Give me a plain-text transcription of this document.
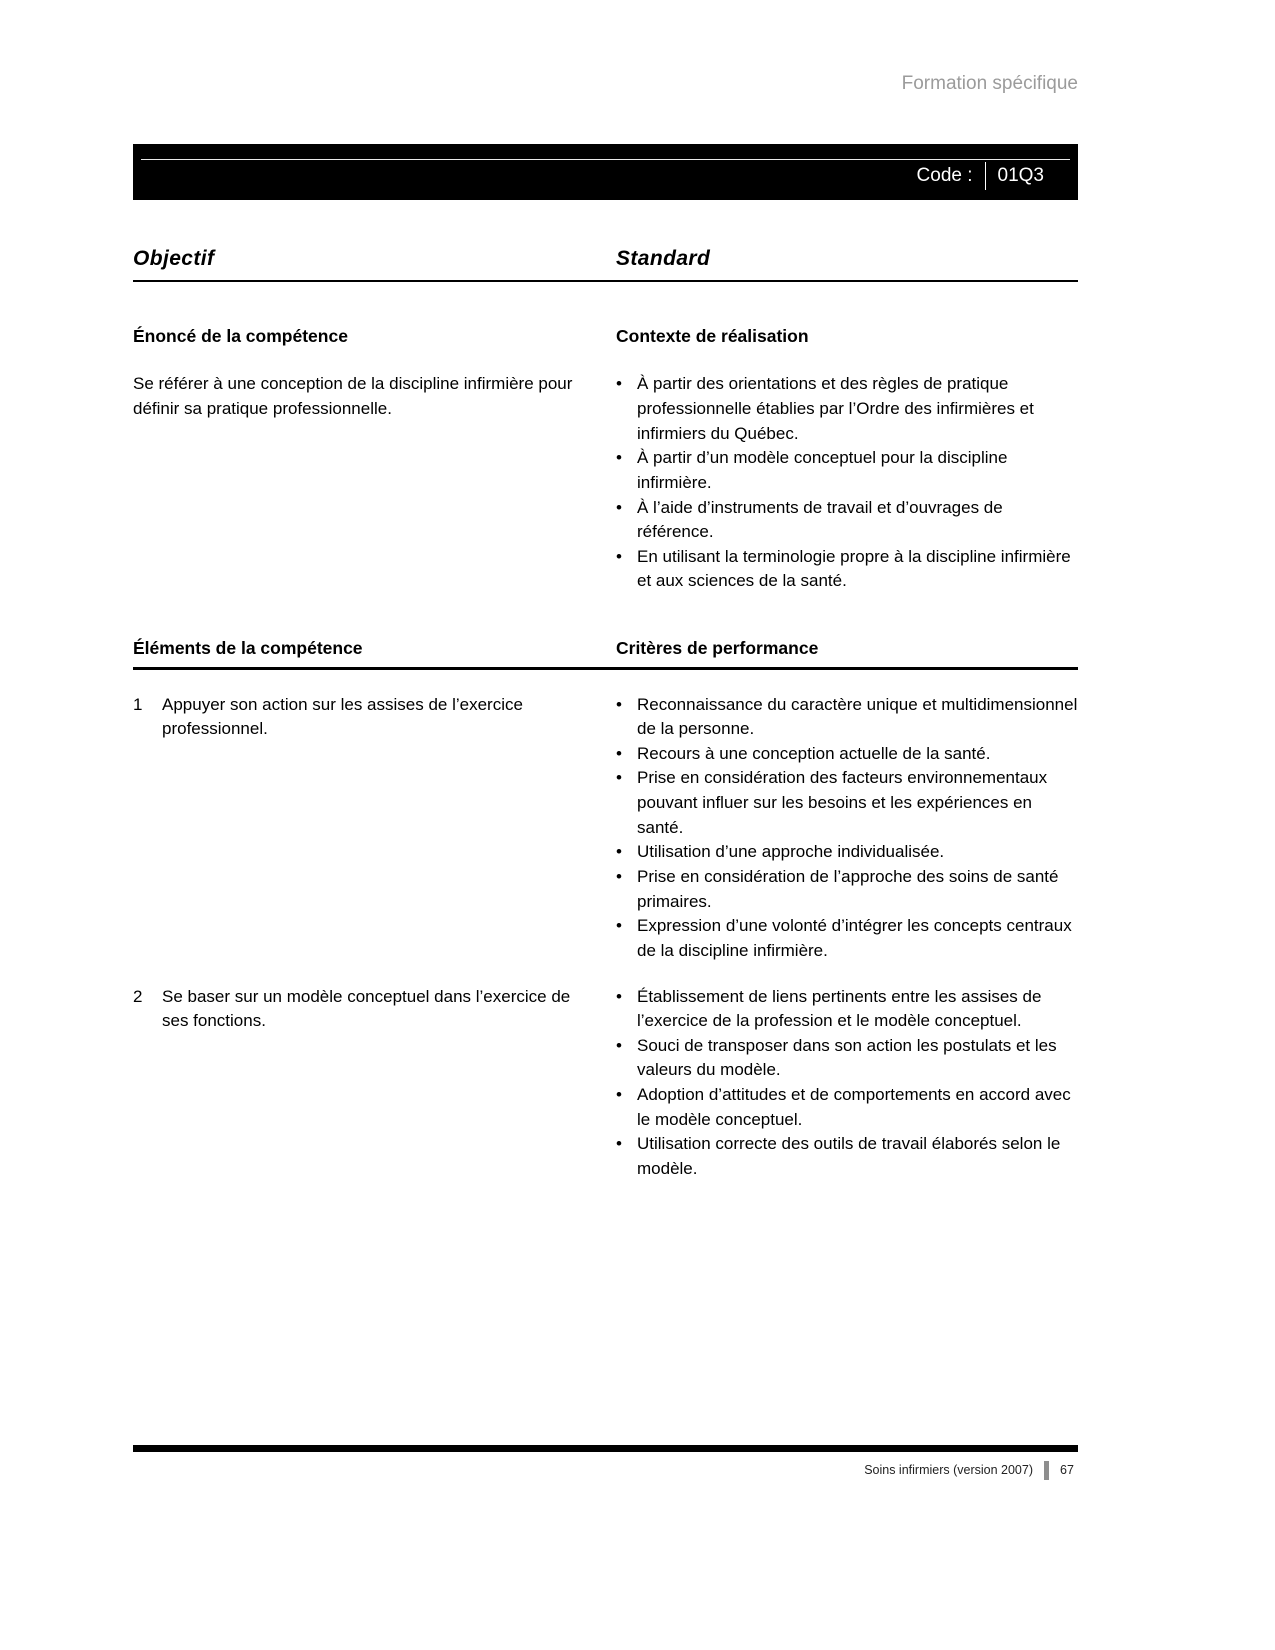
Formation spécifique
Code : 01Q3
Objectif	Standard
Énoncé de la compétence	Contexte de réalisation
Se référer à une conception de la discipline infirmière pour définir sa pratique professionnelle.
• À partir des orientations et des règles de pratique professionnelle établies par l’Ordre des infirmières et infirmiers du Québec.
• À partir d’un modèle conceptuel pour la discipline infirmière.
• À l’aide d’instruments de travail et d’ouvrages de référence.
• En utilisant la terminologie propre à la discipline infirmière et aux sciences de la santé.
Éléments de la compétence	Critères de performance
1	Appuyer son action sur les assises de l’exercice professionnel.
• Reconnaissance du caractère unique et multidimensionnel de la personne.
• Recours à une conception actuelle de la santé.
• Prise en considération des facteurs environnementaux pouvant influer sur les besoins et les expériences en santé.
• Utilisation d’une approche individualisée.
• Prise en considération de l’approche des soins de santé primaires.
• Expression d’une volonté d’intégrer les concepts centraux de la discipline infirmière.
2	Se baser sur un modèle conceptuel dans l’exercice de ses fonctions.
• Établissement de liens pertinents entre les assises de l’exercice de la profession et le modèle conceptuel.
• Souci de transposer dans son action les postulats et les valeurs du modèle.
• Adoption d’attitudes et de comportements en accord avec le modèle conceptuel.
• Utilisation correcte des outils de travail élaborés selon le modèle.
Soins infirmiers (version 2007) 67
